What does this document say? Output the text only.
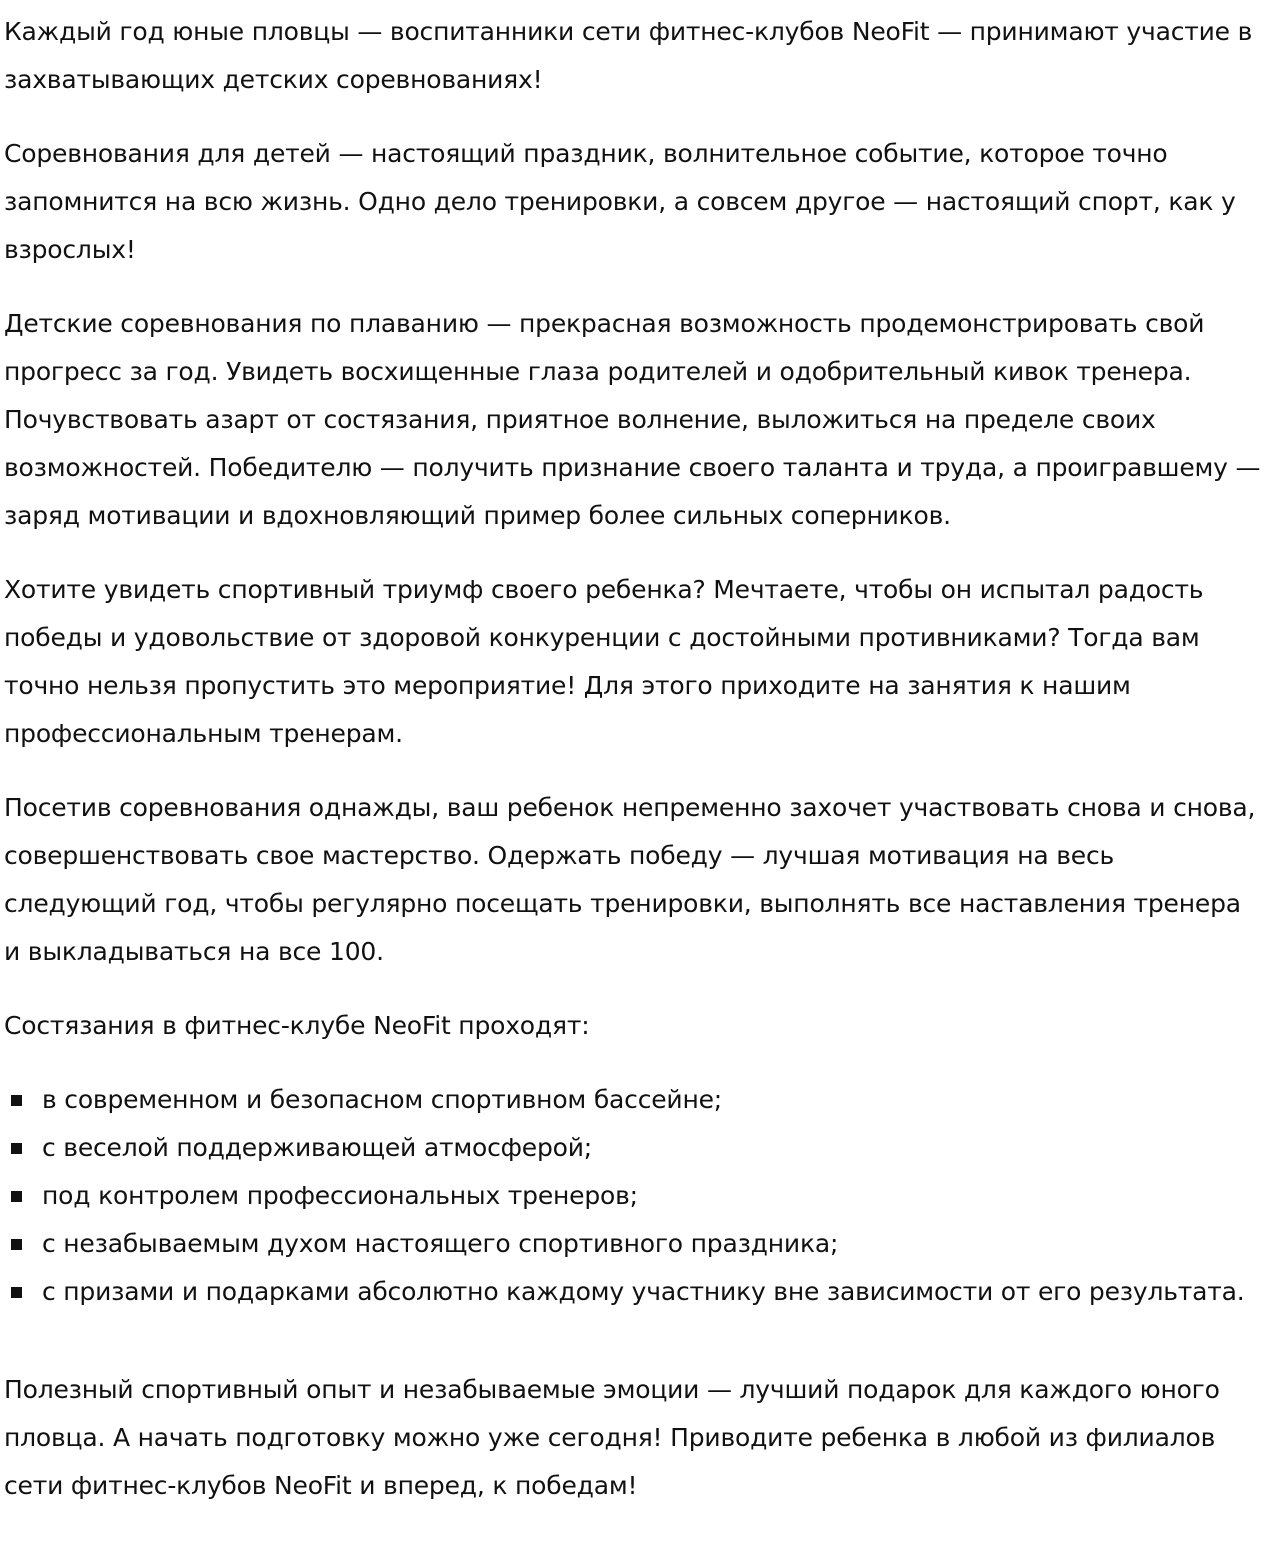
Каждый год юные пловцы — воспитанники сети фитнес-клубов NeoFit — принимают участие в захватывающих детских соревнованиях!

Соревнования для детей — настоящий праздник, волнительное событие, которое точно запомнится на всю жизнь. Одно дело тренировки, а совсем другое — настоящий спорт, как у взрослых!

Детские соревнования по плаванию — прекрасная возможность продемонстрировать свой прогресс за год. Увидеть восхищенные глаза родителей и одобрительный кивок тренера. Почувствовать азарт от состязания, приятное волнение, выложиться на пределе своих возможностей. Победителю — получить признание своего таланта и труда, а проигравшему — заряд мотивации и вдохновляющий пример более сильных соперников.

Хотите увидеть спортивный триумф своего ребенка? Мечтаете, чтобы он испытал радость победы и удовольствие от здоровой конкуренции с достойными противниками? Тогда вам точно нельзя пропустить это мероприятие! Для этого приходите на занятия к нашим профессиональным тренерам.

Посетив соревнования однажды, ваш ребенок непременно захочет участвовать снова и снова, совершенствовать свое мастерство. Одержать победу — лучшая мотивация на весь следующий год, чтобы регулярно посещать тренировки, выполнять все наставления тренера и выкладываться на все 100.

Состязания в фитнес-клубе NeoFit проходят:

в современном и безопасном спортивном бассейне;
с веселой поддерживающей атмосферой;
под контролем профессиональных тренеров;
с незабываемым духом настоящего спортивного праздника;
с призами и подарками абсолютно каждому участнику вне зависимости от его результата.

Полезный спортивный опыт и незабываемые эмоции — лучший подарок для каждого юного пловца. А начать подготовку можно уже сегодня! Приводите ребенка в любой из филиалов сети фитнес-клубов NeoFit и вперед, к победам!
